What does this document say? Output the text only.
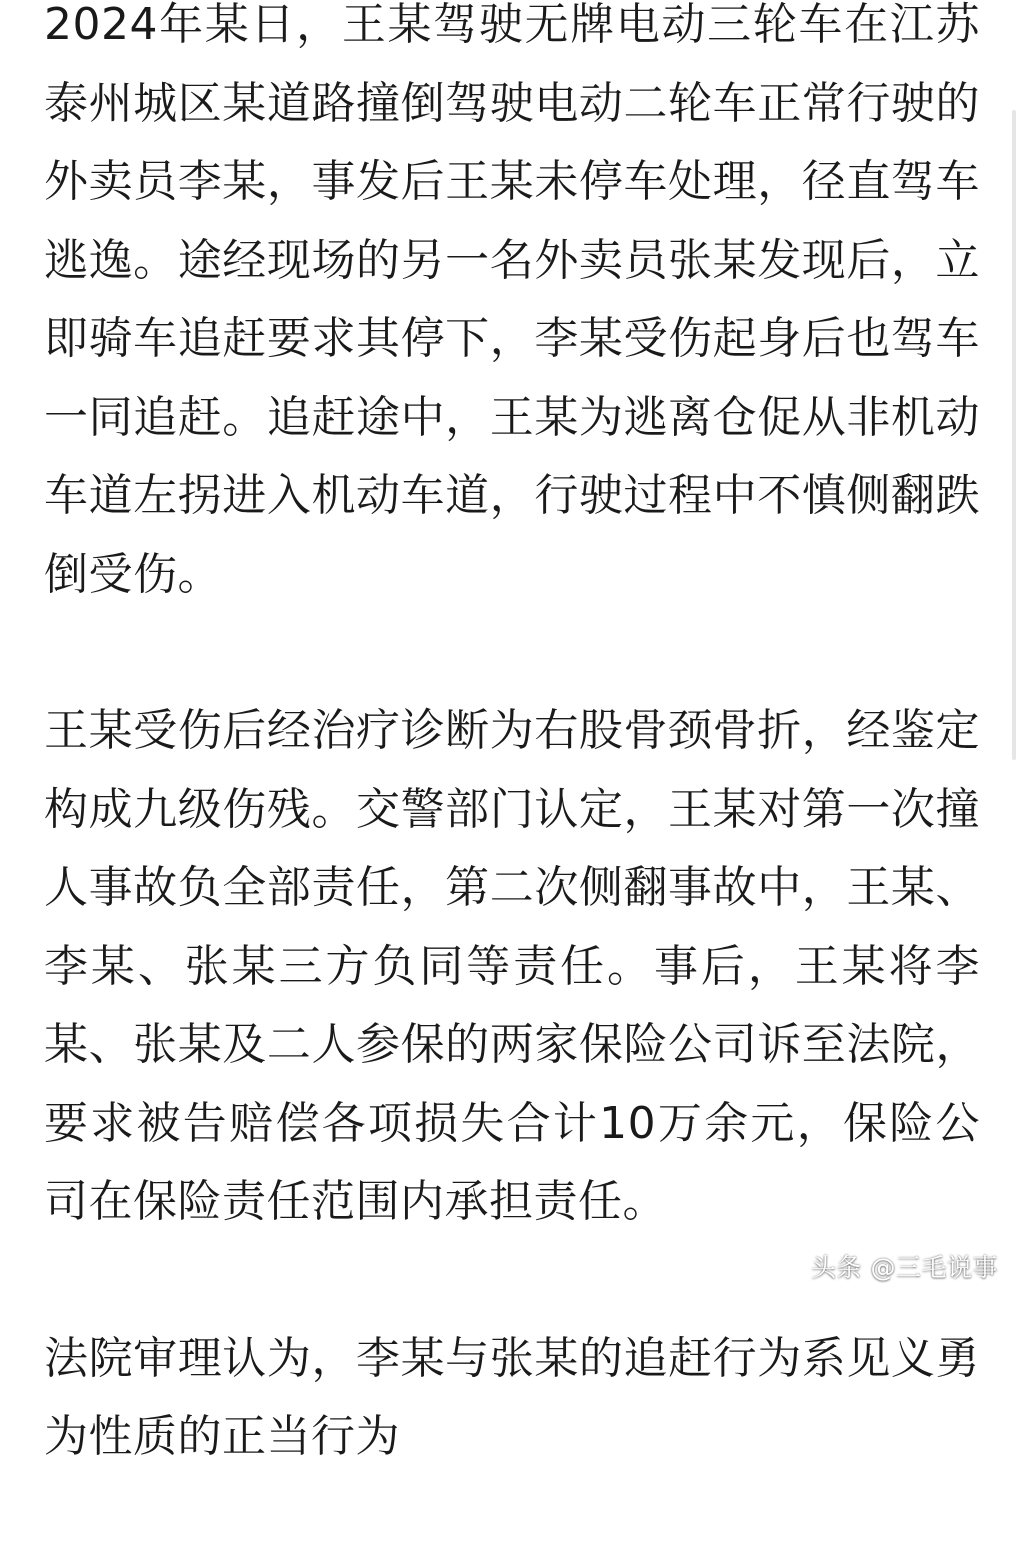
2024年某日，王某驾驶无牌电动三轮车在江苏泰州城区某道路撞倒驾驶电动二轮车正常行驶的外卖员李某，事发后王某未停车处理，径直驾车逃逸。途经现场的另一名外卖员张某发现后，立即骑车追赶要求其停下，李某受伤起身后也驾车一同追赶。追赶途中，王某为逃离仓促从非机动车道左拐进入机动车道，行驶过程中不慎侧翻跌倒受伤。

王某受伤后经治疗诊断为右股骨颈骨折，经鉴定构成九级伤残。交警部门认定，王某对第一次撞人事故负全部责任，第二次侧翻事故中，王某、李某、张某三方负同等责任。事后，王某将李某、张某及二人参保的两家保险公司诉至法院，要求被告赔偿各项损失合计10万余元，保险公司在保险责任范围内承担责任。

法院审理认为，李某与张某的追赶行为系见义勇为性质的正当行为

头条 @三毛说事
